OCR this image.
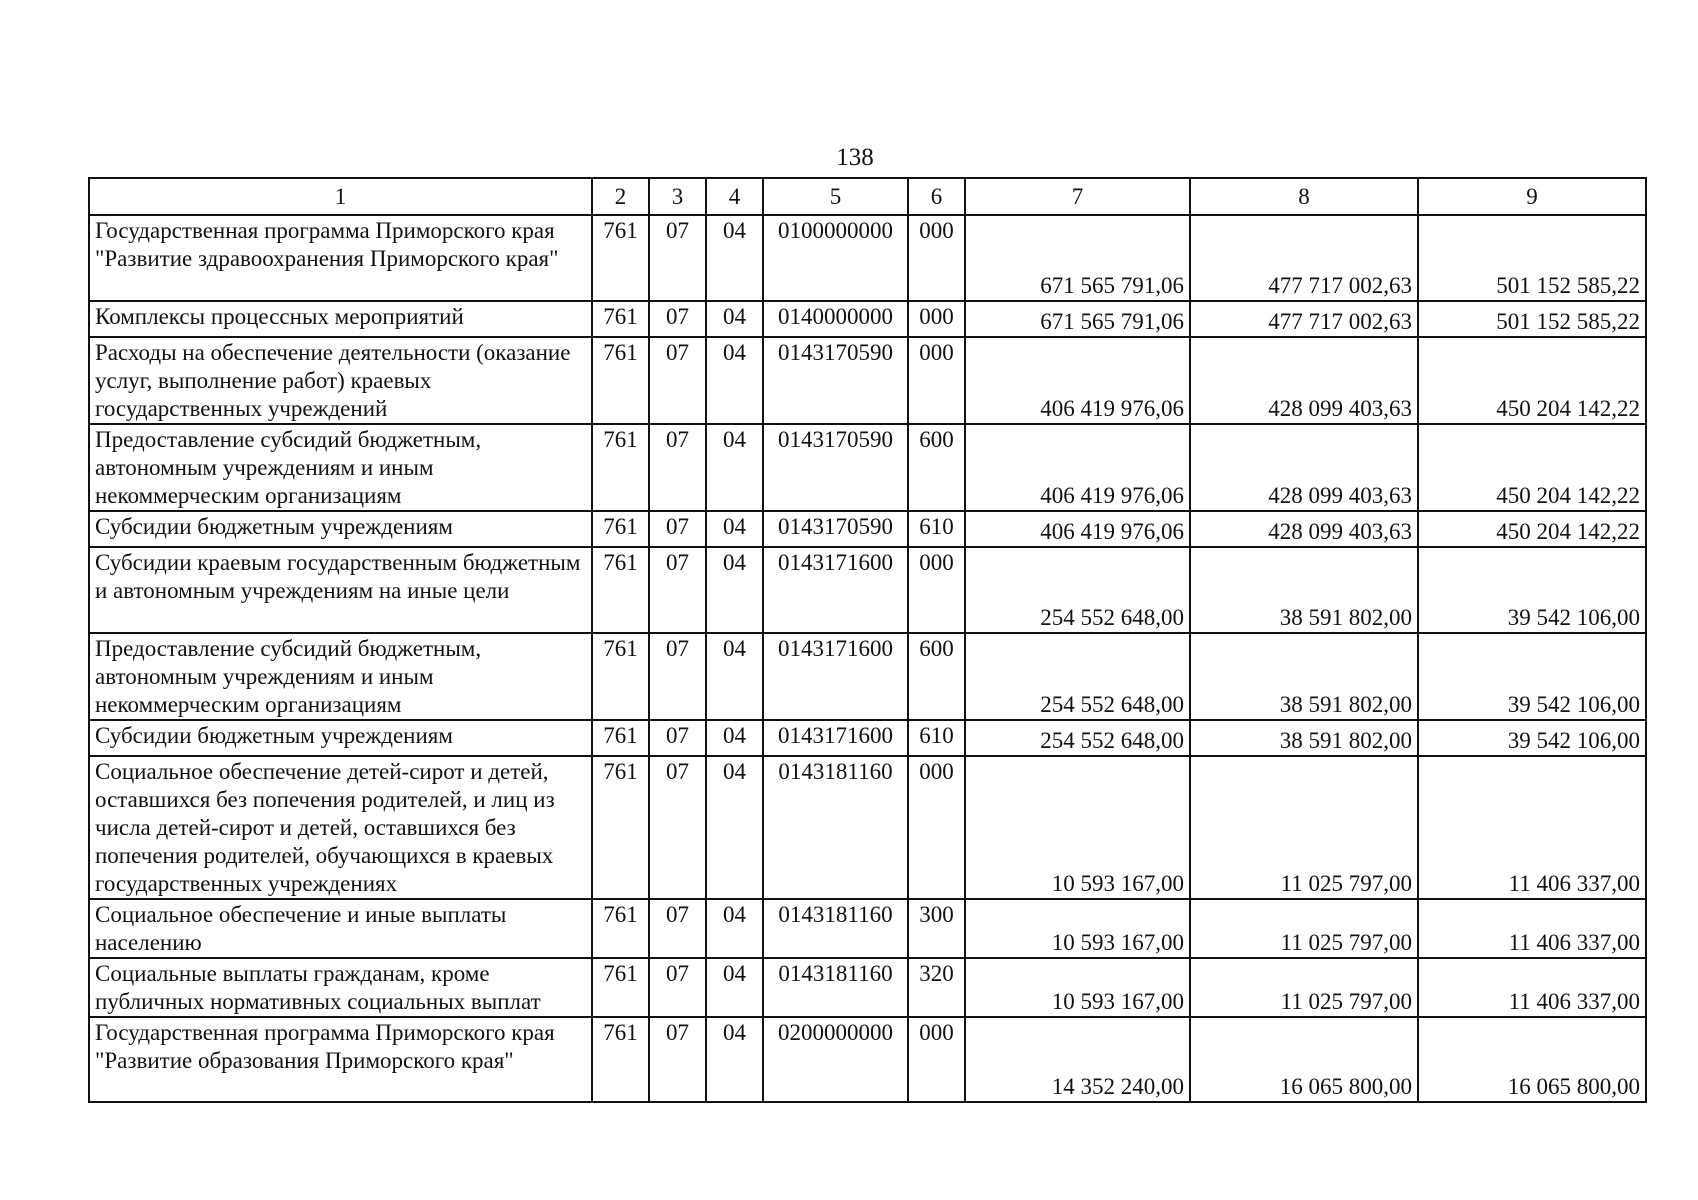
138
1	2	3	4	5	6	7	8	9
Государственная программа Приморского края "Развитие здравоохранения Приморского края"	761	07	04	0100000000	000	671 565 791,06	477 717 002,63	501 152 585,22
Комплексы процессных мероприятий	761	07	04	0140000000	000	671 565 791,06	477 717 002,63	501 152 585,22
Расходы на обеспечение деятельности (оказание услуг, выполнение работ) краевых государственных учреждений	761	07	04	0143170590	000	406 419 976,06	428 099 403,63	450 204 142,22
Предоставление субсидий бюджетным, автономным учреждениям и иным некоммерческим организациям	761	07	04	0143170590	600	406 419 976,06	428 099 403,63	450 204 142,22
Субсидии бюджетным учреждениям	761	07	04	0143170590	610	406 419 976,06	428 099 403,63	450 204 142,22
Субсидии краевым государственным бюджетным и автономным учреждениям на иные цели	761	07	04	0143171600	000	254 552 648,00	38 591 802,00	39 542 106,00
Предоставление субсидий бюджетным, автономным учреждениям и иным некоммерческим организациям	761	07	04	0143171600	600	254 552 648,00	38 591 802,00	39 542 106,00
Субсидии бюджетным учреждениям	761	07	04	0143171600	610	254 552 648,00	38 591 802,00	39 542 106,00
Социальное обеспечение детей-сирот и детей, оставшихся без попечения родителей, и лиц из числа детей-сирот и детей, оставшихся без попечения родителей, обучающихся в краевых государственных учреждениях	761	07	04	0143181160	000	10 593 167,00	11 025 797,00	11 406 337,00
Социальное обеспечение и иные выплаты населению	761	07	04	0143181160	300	10 593 167,00	11 025 797,00	11 406 337,00
Социальные выплаты гражданам, кроме публичных нормативных социальных выплат	761	07	04	0143181160	320	10 593 167,00	11 025 797,00	11 406 337,00
Государственная программа Приморского края "Развитие образования Приморского края"	761	07	04	0200000000	000	14 352 240,00	16 065 800,00	16 065 800,00
